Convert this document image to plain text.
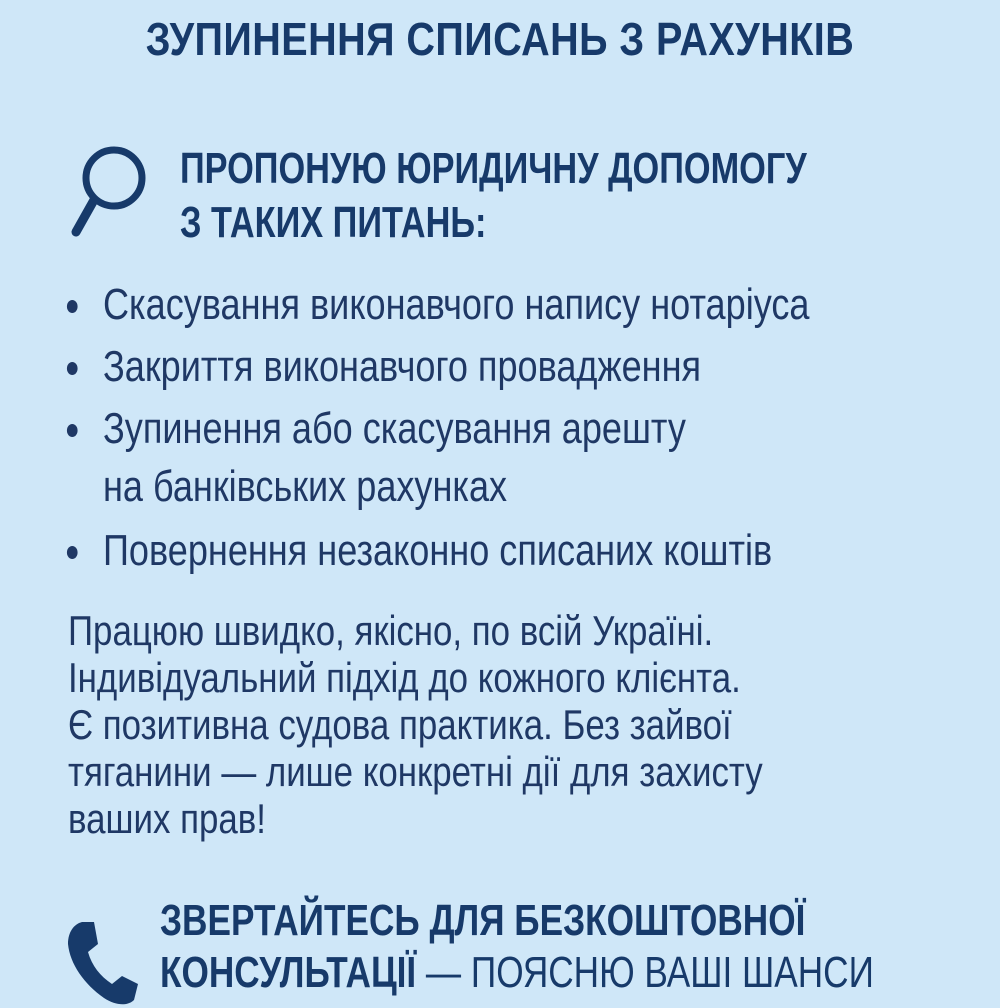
ЗУПИНЕННЯ СПИСАНЬ З РАХУНКІВ
ПРОПОНУЮ ЮРИДИЧНУ ДОПОМОГУ
З ТАКИХ ПИТАНЬ:
Скасування виконавчого напису нотаріуса
Закриття виконавчого провадження
Зупинення або скасування арешту
на банківських рахунках
Повернення незаконно списаних коштів
Працюю швидко, якісно, по всій Україні.
Індивідуальний підхід до кожного клієнта.
Є позитивна судова практика. Без зайвої
тяганини — лише конкретні дії для захисту
ваших прав!
ЗВЕРТАЙТЕСЬ ДЛЯ БЕЗКОШТОВНОЇ
КОНСУЛЬТАЦІЇ — ПОЯСНЮ ВАШІ ШАНСИ
